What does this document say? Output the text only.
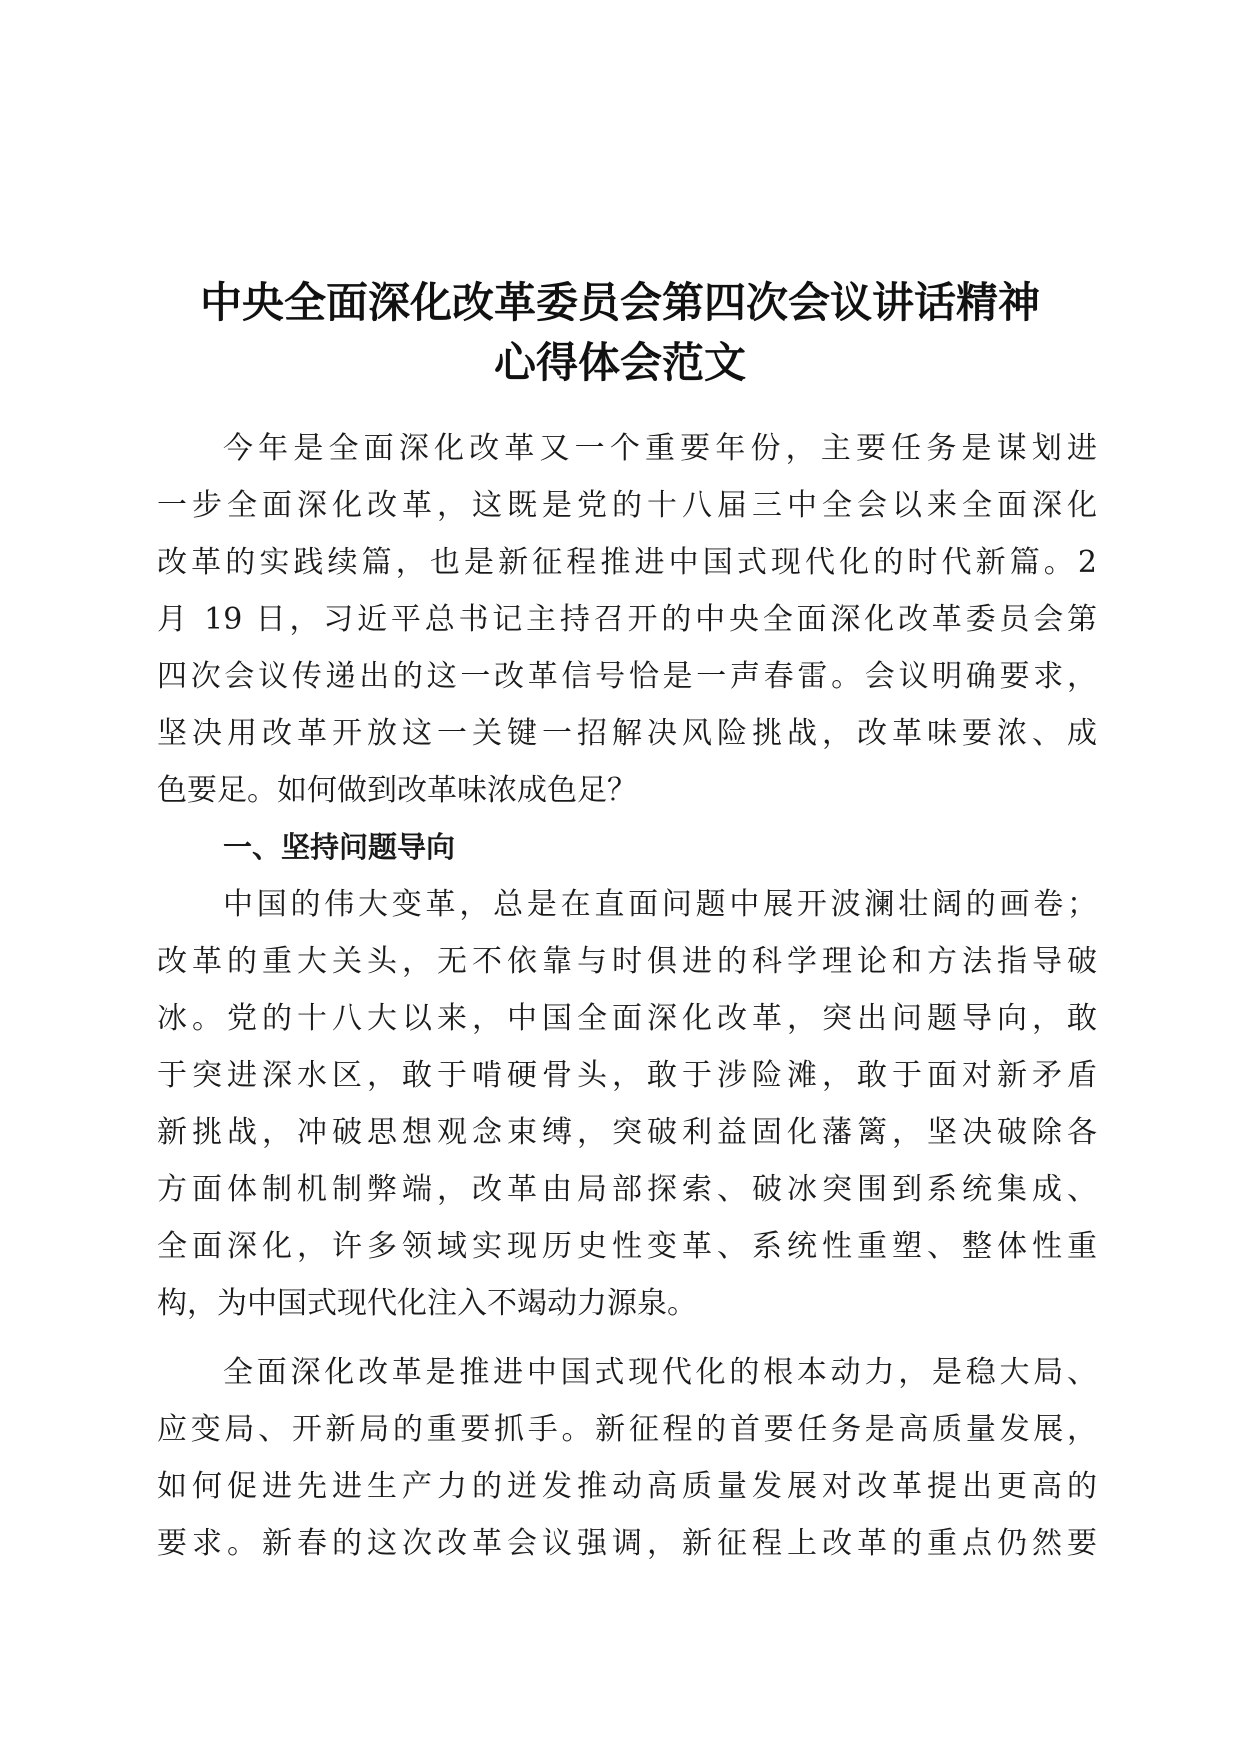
中央全面深化改革委员会第四次会议讲话精神
心得体会范文
今年是全面深化改革又一个重要年份，主要任务是谋划进
一步全面深化改革，这既是党的十八届三中全会以来全面深化
改革的实践续篇，也是新征程推进中国式现代化的时代新篇。2
月 19 日，习近平总书记主持召开的中央全面深化改革委员会第
四次会议传递出的这一改革信号恰是一声春雷。会议明确要求，
坚决用改革开放这一关键一招解决风险挑战，改革味要浓、成
色要足。如何做到改革味浓成色足？
一、坚持问题导向
中国的伟大变革，总是在直面问题中展开波澜壮阔的画卷；
改革的重大关头，无不依靠与时俱进的科学理论和方法指导破
冰。党的十八大以来，中国全面深化改革，突出问题导向，敢
于突进深水区，敢于啃硬骨头，敢于涉险滩，敢于面对新矛盾
新挑战，冲破思想观念束缚，突破利益固化藩篱，坚决破除各
方面体制机制弊端，改革由局部探索、破冰突围到系统集成、
全面深化，许多领域实现历史性变革、系统性重塑、整体性重
构，为中国式现代化注入不竭动力源泉。
全面深化改革是推进中国式现代化的根本动力，是稳大局、
应变局、开新局的重要抓手。新征程的首要任务是高质量发展，
如何促进先进生产力的迸发推动高质量发展对改革提出更高的
要求。新春的这次改革会议强调，新征程上改革的重点仍然要
